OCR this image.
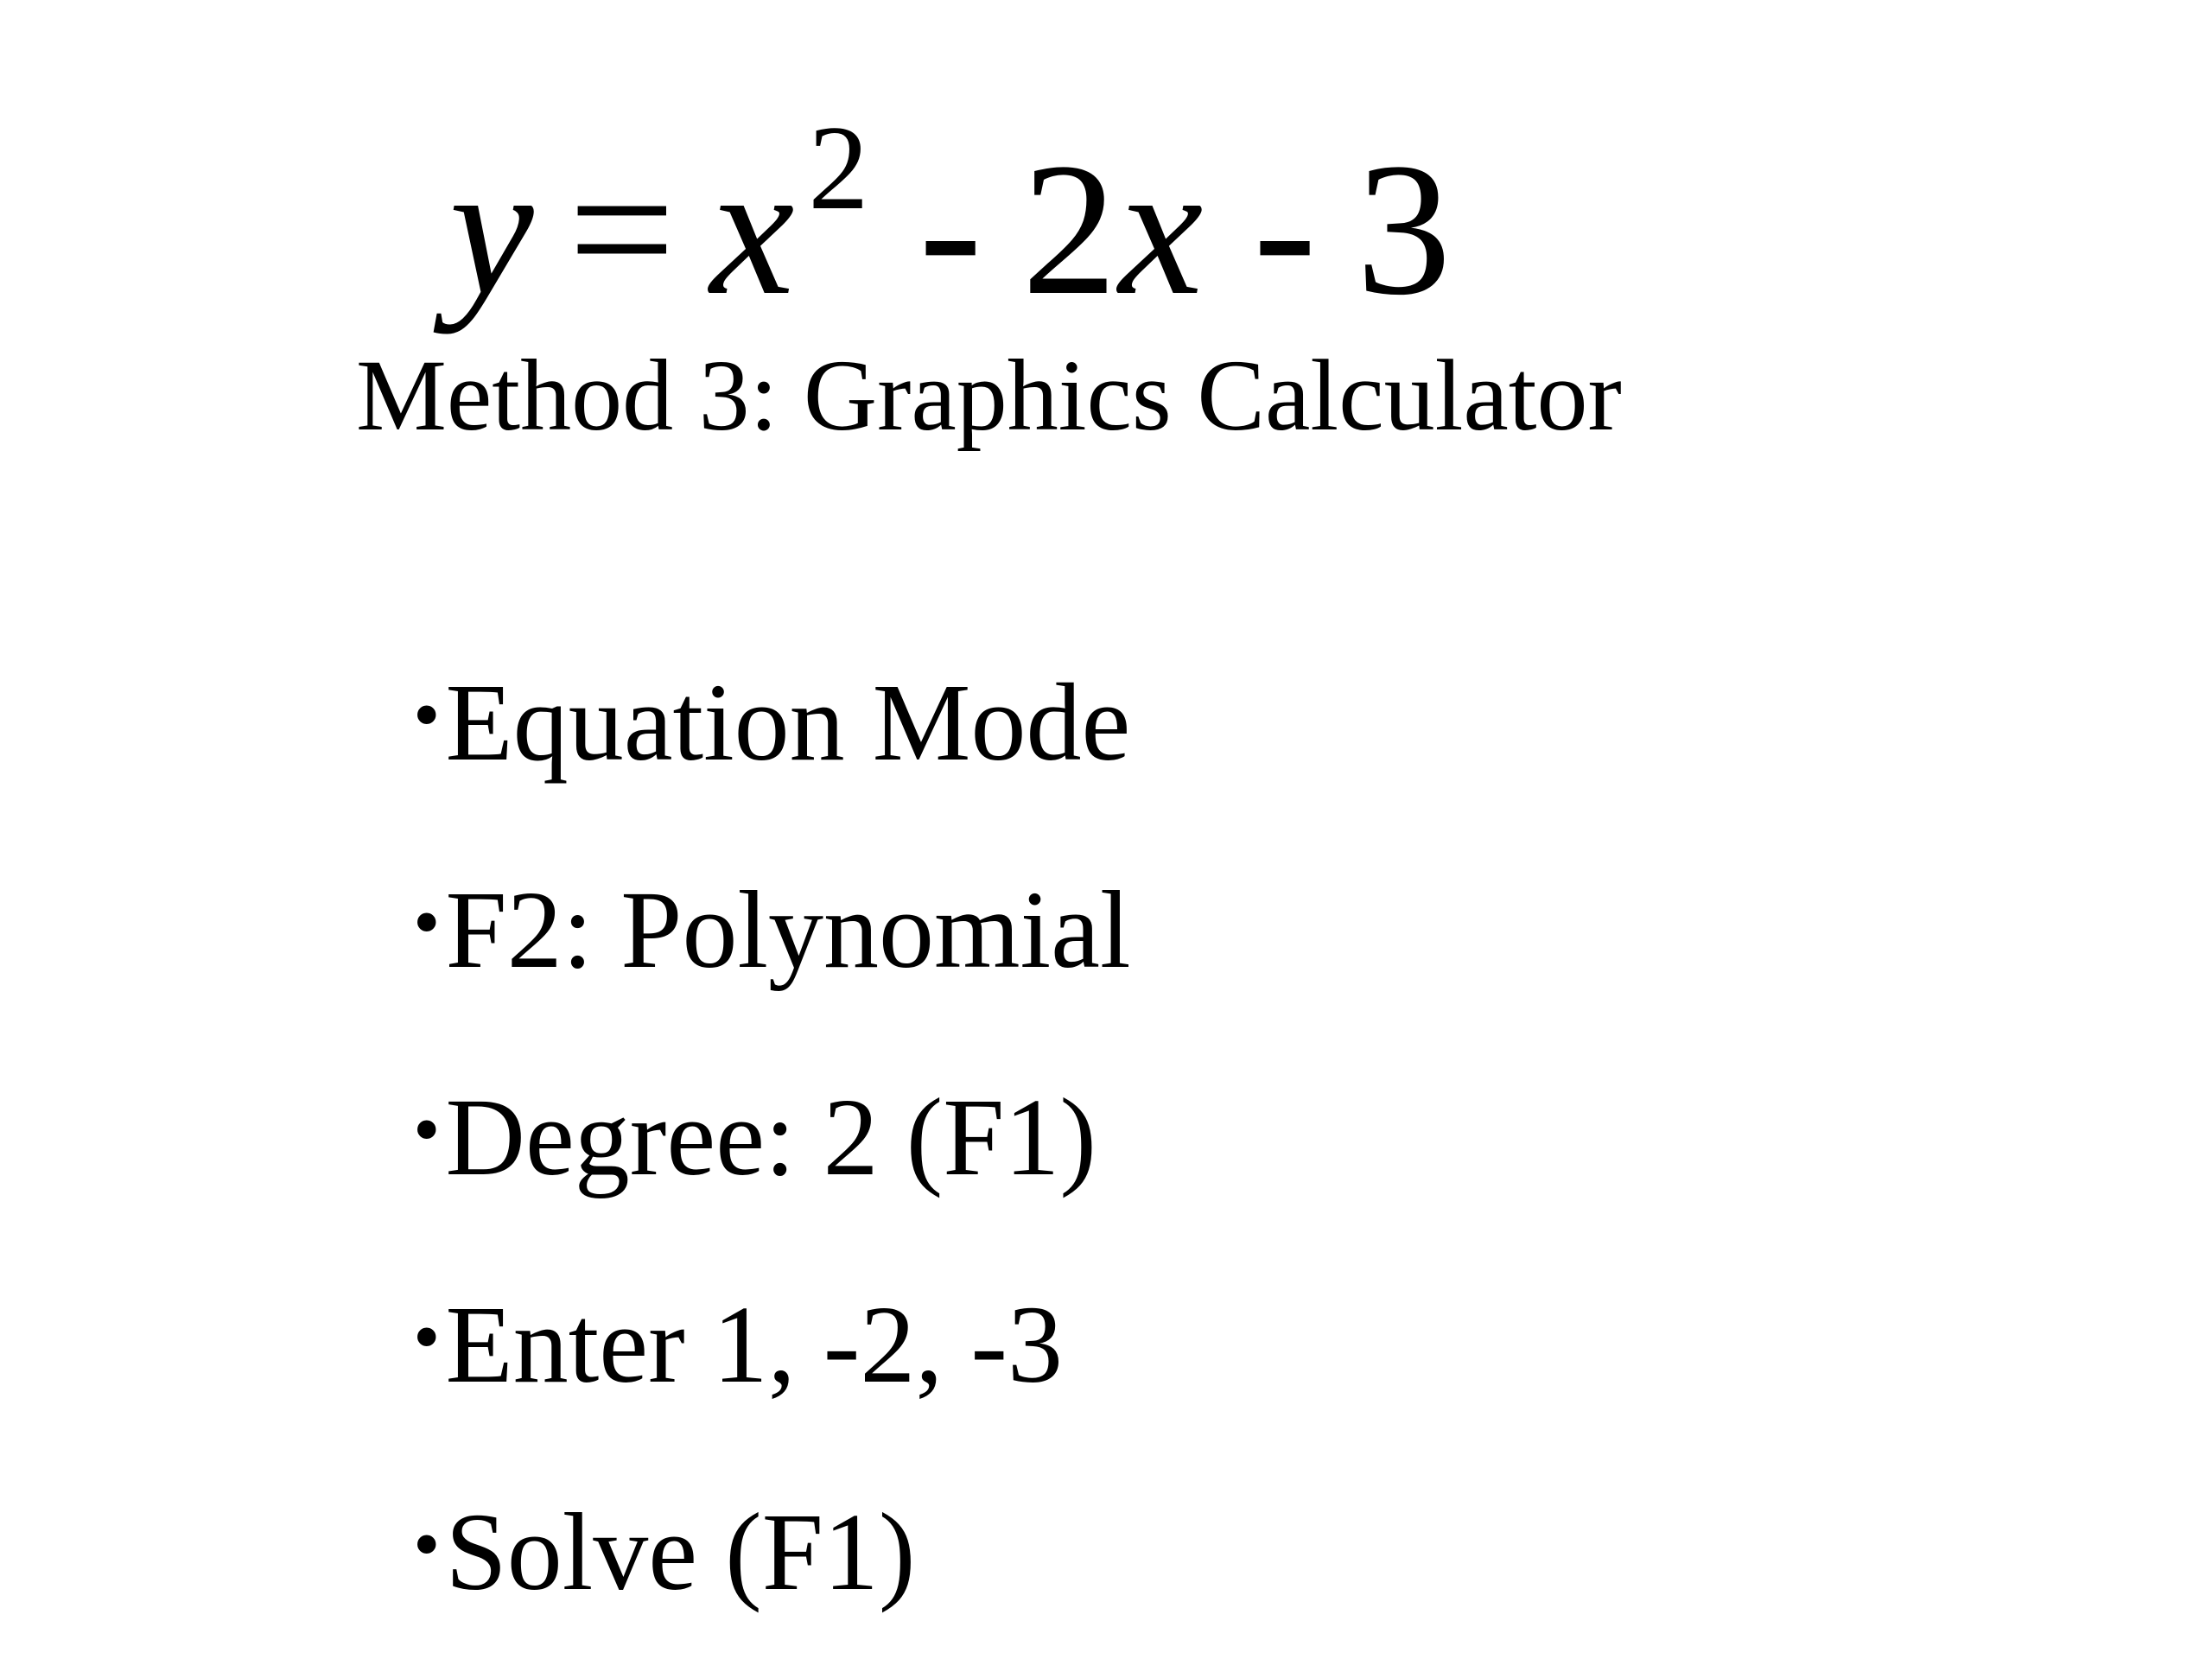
y = x $^2$ - 2x - 3
Method 3: Graphics Calculator
•Equation Mode
•F2: Polynomial
•Degree: 2 (F1)
•Enter 1, -2, -3
•Solve (F1)
